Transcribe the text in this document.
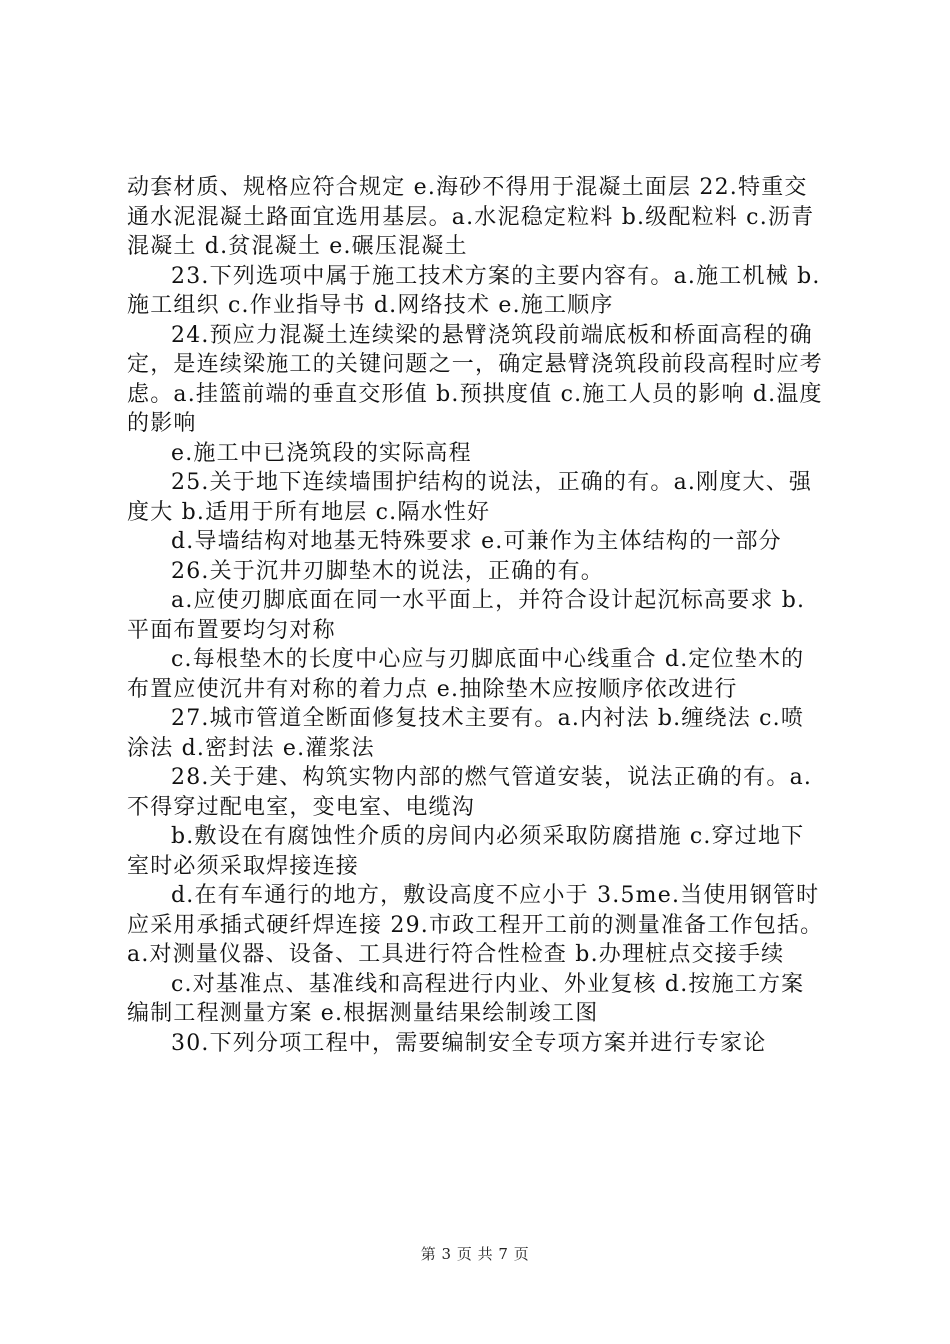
动套材质、规格应符合规定 e.海砂不得用于混凝土面层 22.特重交通水泥混凝土路面宜选用基层。a.水泥稳定粒料 b.级配粒料 c.沥青混凝土 d.贫混凝土 e.碾压混凝土

23.下列选项中属于施工技术方案的主要内容有。a.施工机械 b.施工组织 c.作业指导书 d.网络技术 e.施工顺序

24.预应力混凝土连续梁的悬臂浇筑段前端底板和桥面高程的确定，是连续梁施工的关键问题之一，确定悬臂浇筑段前段高程时应考虑。a.挂篮前端的垂直交形值 b.预拱度值 c.施工人员的影响 d.温度的影响

e.施工中已浇筑段的实际高程

25.关于地下连续墙围护结构的说法，正确的有。a.刚度大、强度大 b.适用于所有地层 c.隔水性好

d.导墙结构对地基无特殊要求 e.可兼作为主体结构的一部分

26.关于沉井刃脚垫木的说法，正确的有。

a.应使刃脚底面在同一水平面上，并符合设计起沉标高要求 b.平面布置要均匀对称

c.每根垫木的长度中心应与刃脚底面中心线重合 d.定位垫木的布置应使沉井有对称的着力点 e.抽除垫木应按顺序依改进行

27.城市管道全断面修复技术主要有。a.内衬法 b.缠绕法 c.喷涂法 d.密封法 e.灌浆法

28.关于建、构筑实物内部的燃气管道安装，说法正确的有。a.不得穿过配电室，变电室、电缆沟

b.敷设在有腐蚀性介质的房间内必须采取防腐措施 c.穿过地下室时必须采取焊接连接

d.在有车通行的地方，敷设高度不应小于 3.5me.当使用钢管时应采用承插式硬纤焊连接 29.市政工程开工前的测量准备工作包括。a.对测量仪器、设备、工具进行符合性检查 b.办理桩点交接手续

c.对基准点、基准线和高程进行内业、外业复核 d.按施工方案编制工程测量方案 e.根据测量结果绘制竣工图

30.下列分项工程中，需要编制安全专项方案并进行专家论

第 3 页 共 7 页
